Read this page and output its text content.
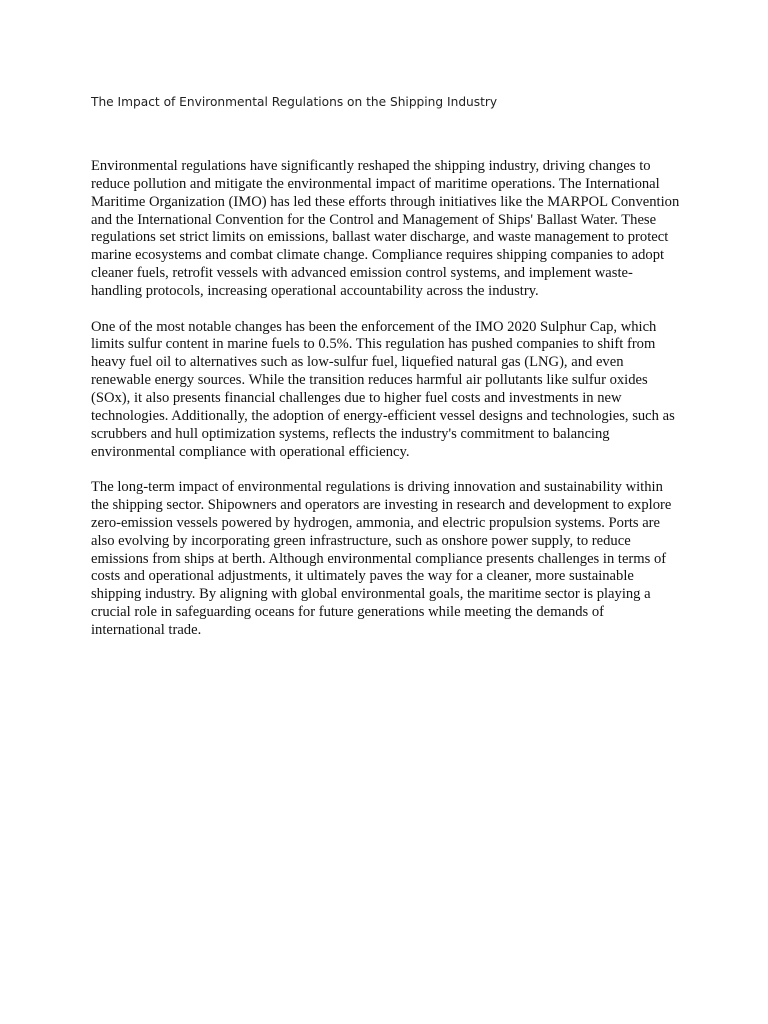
The Impact of Environmental Regulations on the Shipping Industry

Environmental regulations have significantly reshaped the shipping industry, driving changes to reduce pollution and mitigate the environmental impact of maritime operations. The International Maritime Organization (IMO) has led these efforts through initiatives like the MARPOL Convention and the International Convention for the Control and Management of Ships' Ballast Water. These regulations set strict limits on emissions, ballast water discharge, and waste management to protect marine ecosystems and combat climate change. Compliance requires shipping companies to adopt cleaner fuels, retrofit vessels with advanced emission control systems, and implement waste-handling protocols, increasing operational accountability across the industry.

One of the most notable changes has been the enforcement of the IMO 2020 Sulphur Cap, which limits sulfur content in marine fuels to 0.5%. This regulation has pushed companies to shift from heavy fuel oil to alternatives such as low-sulfur fuel, liquefied natural gas (LNG), and even renewable energy sources. While the transition reduces harmful air pollutants like sulfur oxides (SOx), it also presents financial challenges due to higher fuel costs and investments in new technologies. Additionally, the adoption of energy-efficient vessel designs and technologies, such as scrubbers and hull optimization systems, reflects the industry's commitment to balancing environmental compliance with operational efficiency.

The long-term impact of environmental regulations is driving innovation and sustainability within the shipping sector. Shipowners and operators are investing in research and development to explore zero-emission vessels powered by hydrogen, ammonia, and electric propulsion systems. Ports are also evolving by incorporating green infrastructure, such as onshore power supply, to reduce emissions from ships at berth. Although environmental compliance presents challenges in terms of costs and operational adjustments, it ultimately paves the way for a cleaner, more sustainable shipping industry. By aligning with global environmental goals, the maritime sector is playing a crucial role in safeguarding oceans for future generations while meeting the demands of international trade.
